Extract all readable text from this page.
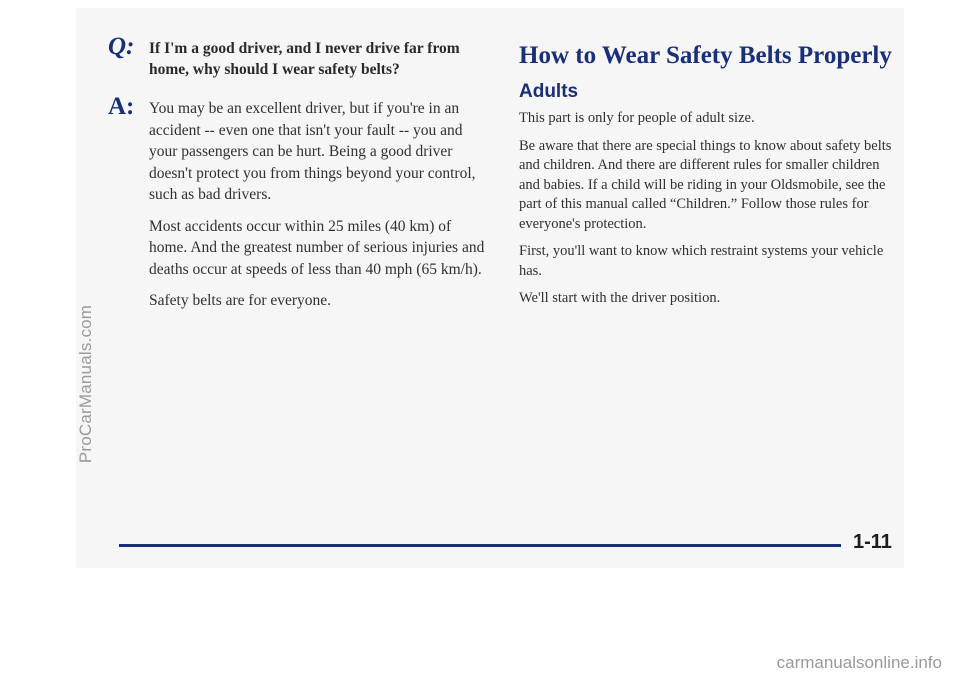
Q: If I'm a good driver, and I never drive far from home, why should I wear safety belts?

A: You may be an excellent driver, but if you're in an accident -- even one that isn't your fault -- you and your passengers can be hurt. Being a good driver doesn't protect you from things beyond your control, such as bad drivers.

Most accidents occur within 25 miles (40 km) of home. And the greatest number of serious injuries and deaths occur at speeds of less than 40 mph (65 km/h).

Safety belts are for everyone.

How to Wear Safety Belts Properly
Adults

This part is only for people of adult size.

Be aware that there are special things to know about safety belts and children. And there are different rules for smaller children and babies. If a child will be riding in your Oldsmobile, see the part of this manual called “Children.” Follow those rules for everyone's protection.

First, you'll want to know which restraint systems your vehicle has.

We'll start with the driver position.

1-11
ProCarManuals.com
carmanualsonline.info
